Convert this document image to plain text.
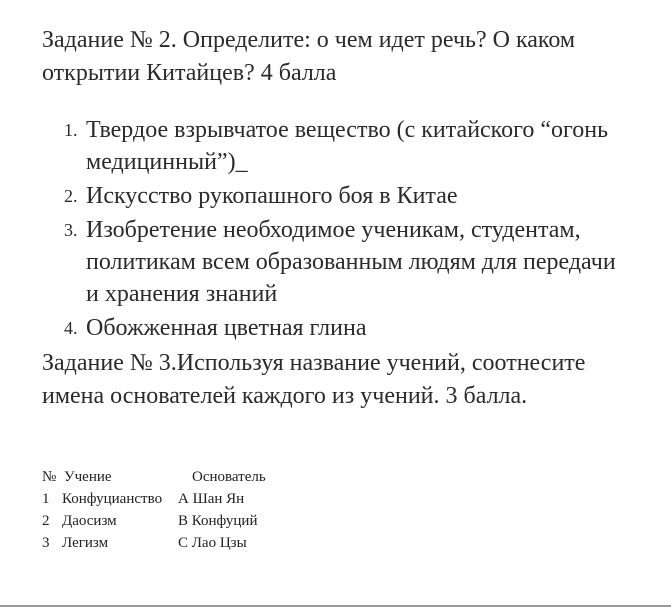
Задание № 2. Определите: о чем идет речь? О каком открытии Китайцев? 4 балла

1. Твердое взрывчатое вещество (с китайского “огонь медицинный”)_
2. Искусство рукопашного боя в Китае
3. Изобретение необходимое ученикам, студентам, политикам всем образованным людям для передачи и хранения знаний
4. Обожженная цветная глина

Задание № 3.Используя название учений, соотнесите имена основателей каждого из учений. 3 балла.

№ Учение	Основатель
1 Конфуцианство	А Шан Ян
2 Даосизм	В Конфуций
3 Легизм	С Лао Цзы
